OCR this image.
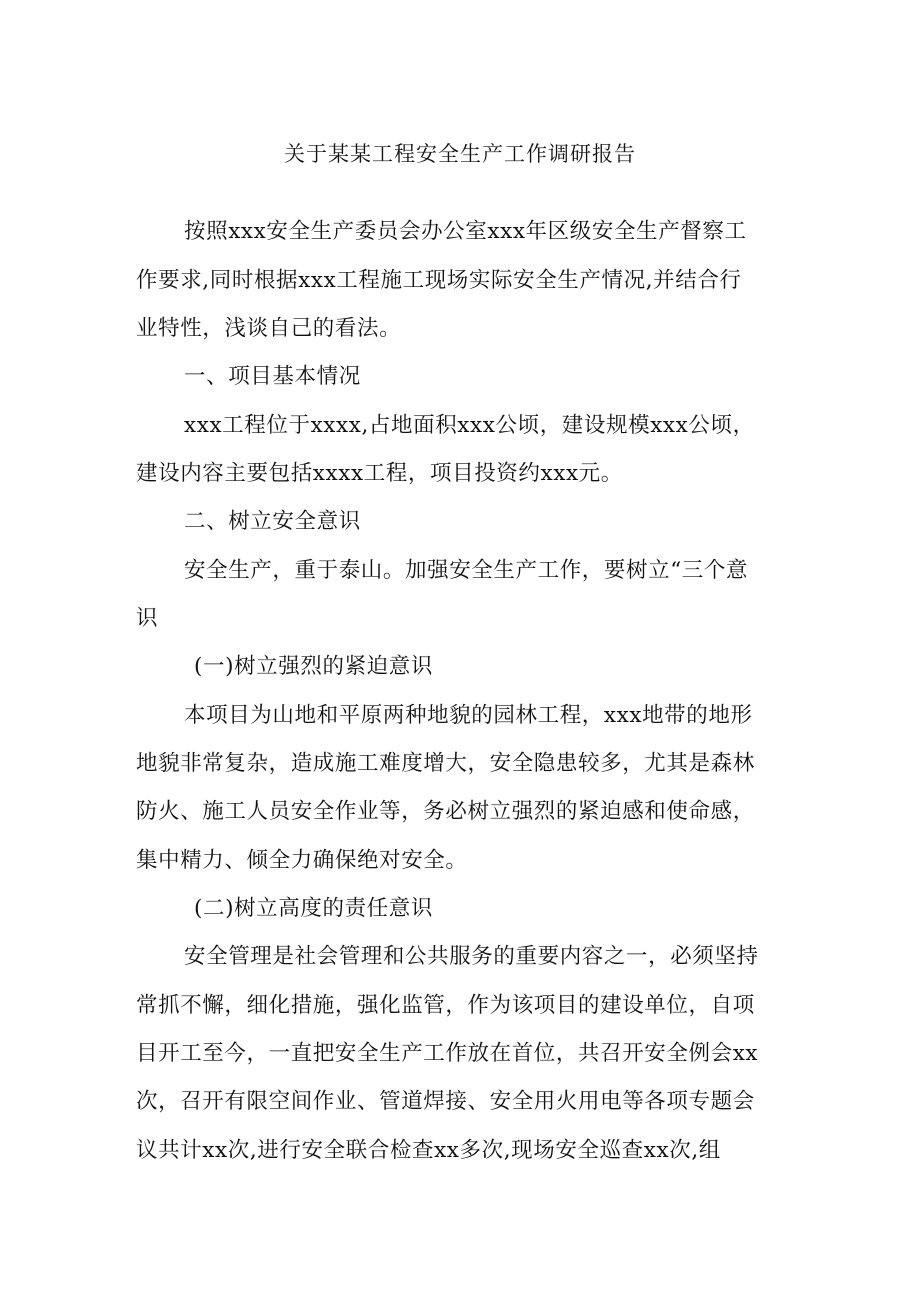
关于某某工程安全生产工作调研报告
按照xxx安全生产委员会办公室xxx年区级安全生产督察工
作要求,同时根据xxx工程施工现场实际安全生产情况,并结合行
业特性，浅谈自己的看法。
一、项目基本情况
xxx工程位于xxxx,占地面积xxx公顷，建设规模xxx公顷，
建设内容主要包括xxxx工程，项目投资约xxx元。
二、树立安全意识
安全生产，重于泰山。加强安全生产工作，要树立“三个意
识
(一)树立强烈的紧迫意识
本项目为山地和平原两种地貌的园林工程，xxx地带的地形
地貌非常复杂，造成施工难度增大，安全隐患较多，尤其是森林
防火、施工人员安全作业等，务必树立强烈的紧迫感和使命感，
集中精力、倾全力确保绝对安全。
(二)树立高度的责任意识
安全管理是社会管理和公共服务的重要内容之一，必须坚持
常抓不懈，细化措施，强化监管，作为该项目的建设单位，自项
目开工至今，一直把安全生产工作放在首位，共召开安全例会xx
次，召开有限空间作业、管道焊接、安全用火用电等各项专题会
议共计xx次,进行安全联合检查xx多次,现场安全巡查xx次,组
